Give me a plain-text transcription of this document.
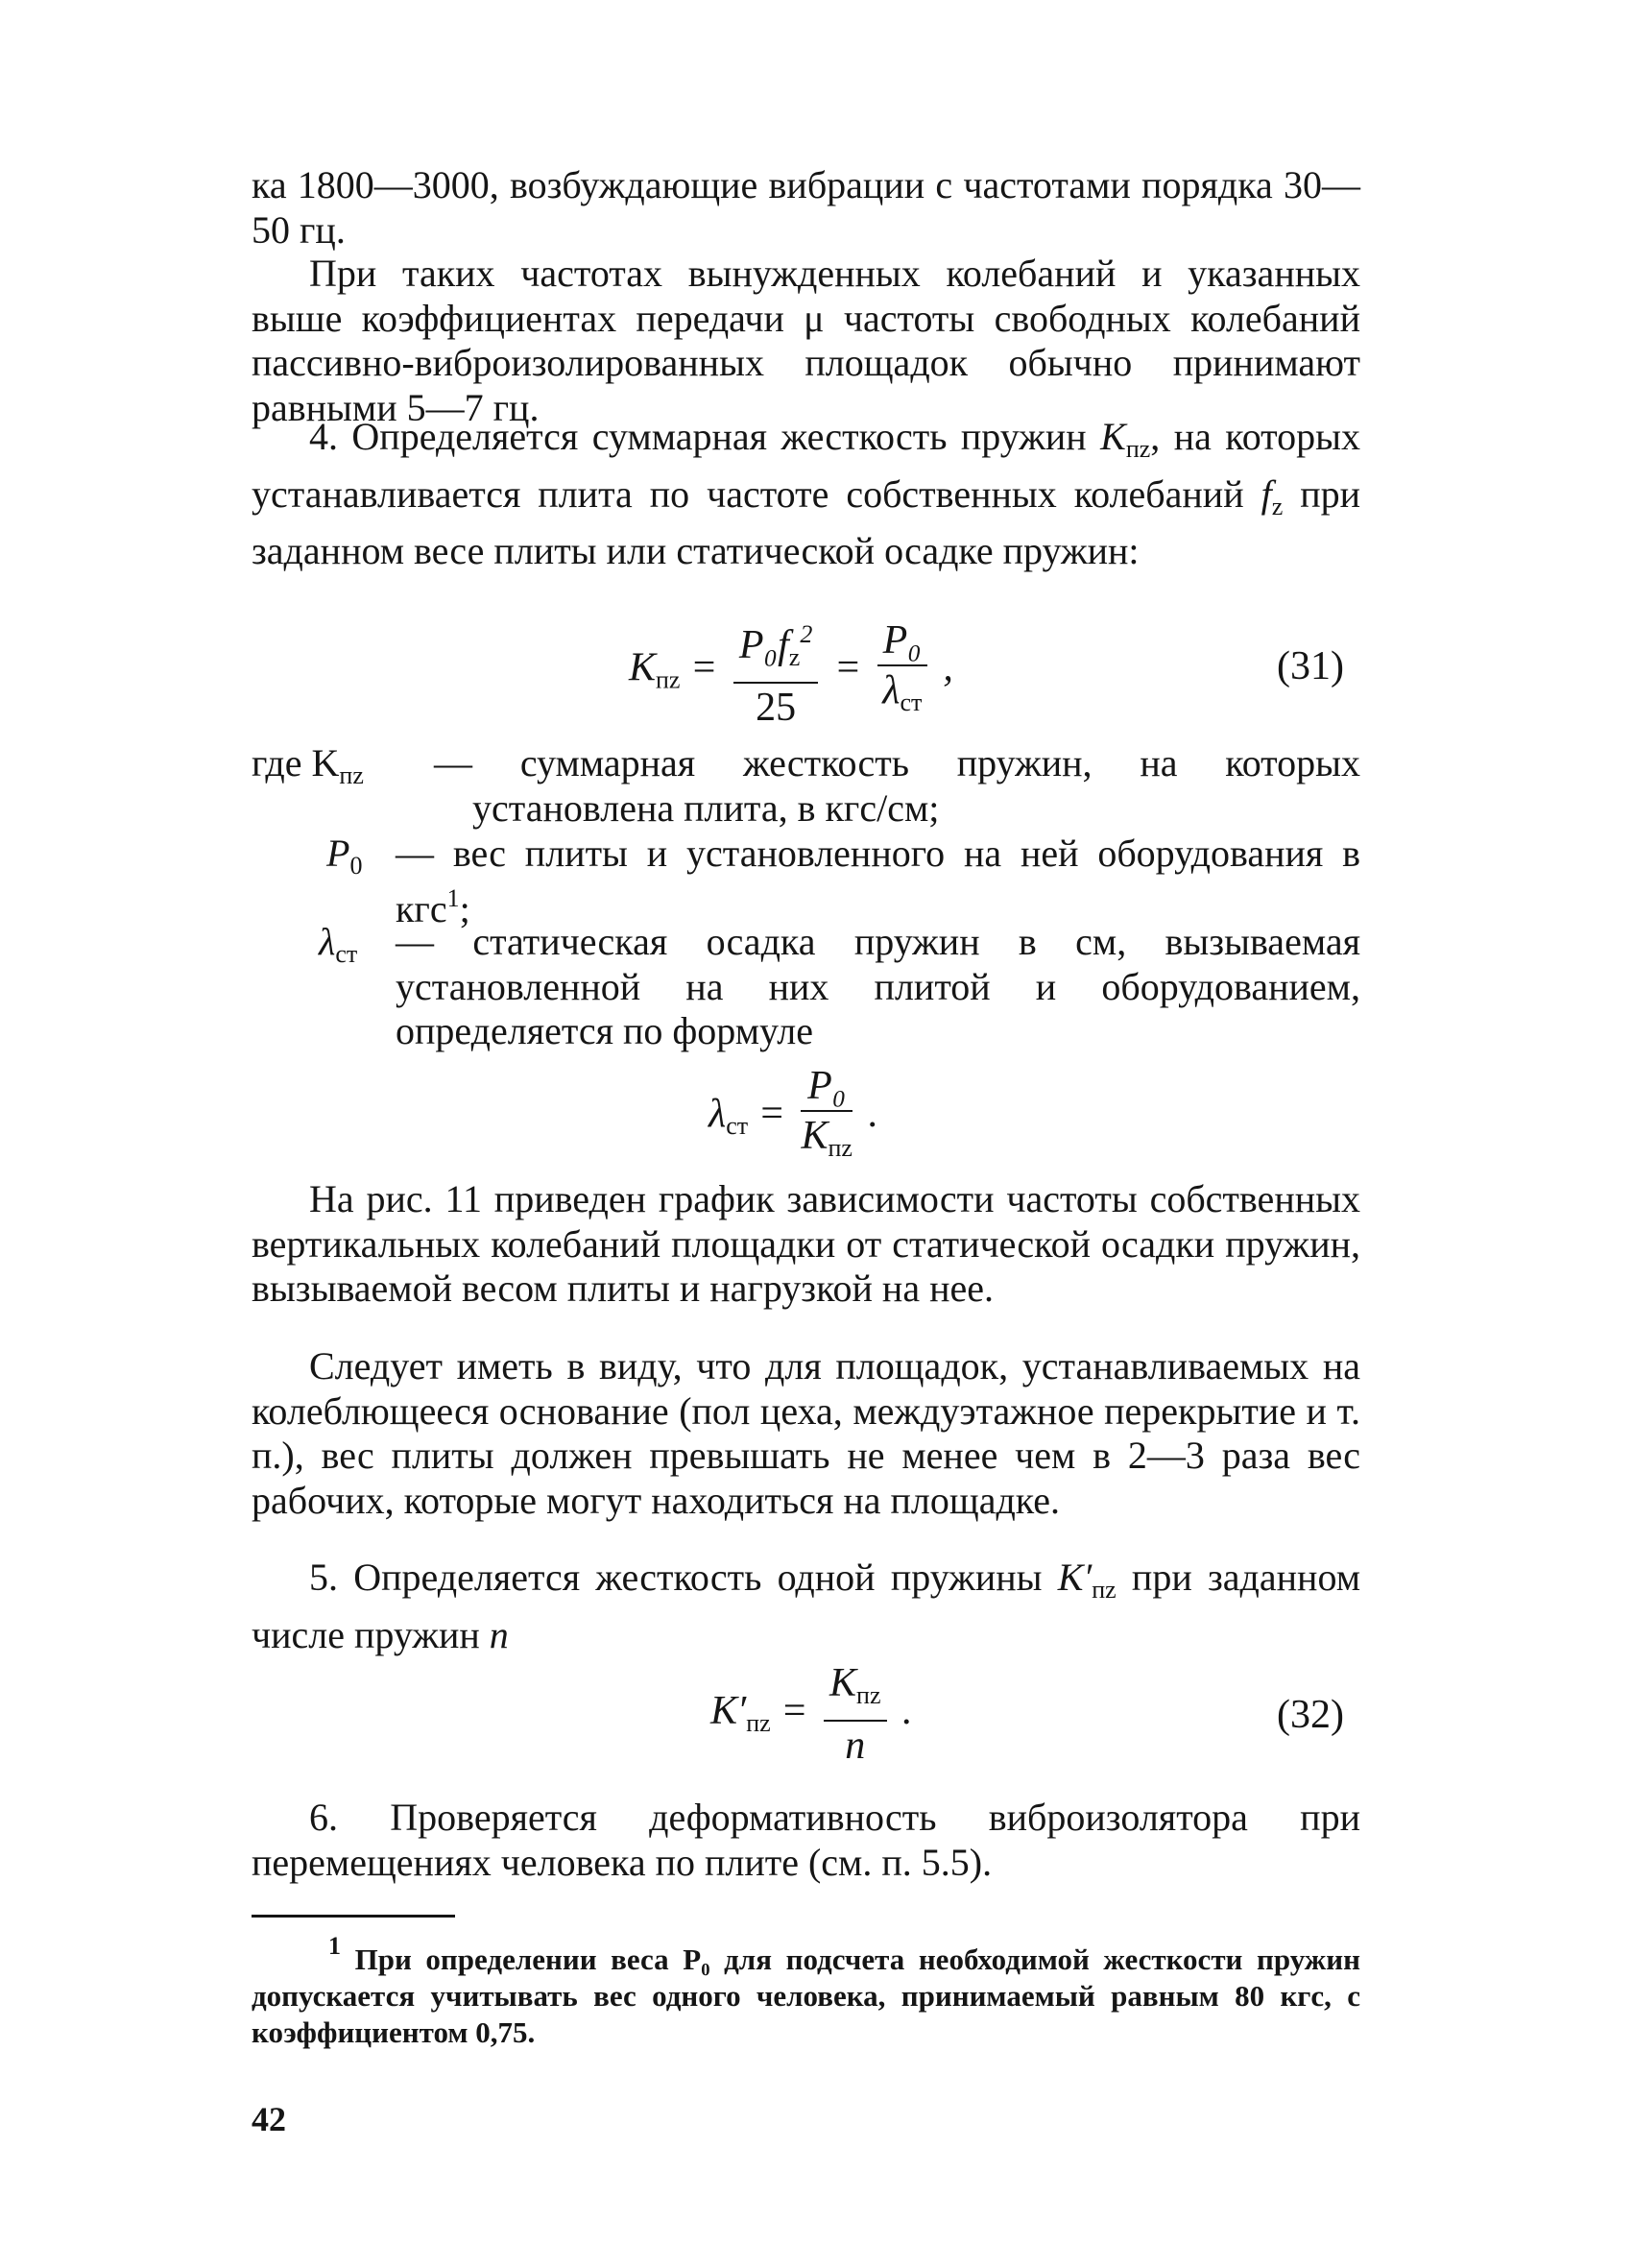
ка 1800—3000, возбуждающие вибрации с частотами порядка 30—50 гц.

При таких частотах вынужденных колебаний и указанных выше коэффициентах передачи μ частоты свободных колебаний пассивно-виброизолированных площадок обычно принимают равными 5—7 гц.

4. Определяется суммарная жесткость пружин $K_{пz}$, на которых устанавливается плита по частоте собственных колебаний $f_z$ при заданном весе плиты или статической осадке пружин:

$K_{пz} = \frac{P_0f_z^2}{25} = \frac{\text{P₀}}{\lambda_{ст}}$ ,	(31)
где $K_{пz}$ — суммарная жесткость пружин, на которых установлена плита, в кгс/см;
$P_0$ — вес плиты и установленного на ней оборудования в кгс$^1$;
$\lambda_{ст}$ — статическая осадка пружин в см, вызываемая установленной на них плитой и оборудованием, определяется по формуле
$\lambda_{ст} = \frac{\text{P₀}}{K_{пz}}$ .

На рис. 11 приведен график зависимости частоты собственных вертикальных колебаний площадки от статической осадки пружин, вызываемой весом плиты и нагрузкой на нее.

Следует иметь в виду, что для площадок, устанавливаемых на колеблющееся основание (пол цеха, междуэтажное перекрытие и т. п.), вес плиты должен превышать не менее чем в 2—3 раза вес рабочих, которые могут находиться на площадке.

5. Определяется жесткость одной пружины $K'_{пz}$ при заданном числе пружин n

$K'_{пz} = \frac{K_{пz}}{n}$ .	(32)

6. Проверяется деформативность виброизолятора при перемещениях человека по плите (см. п. 5.5).

$^1$ При определении веса P₀ для подсчета необходимой жесткости пружин допускается учитывать вес одного человека, принимаемый равным 80 кгс, с коэффициентом 0,75.

42
